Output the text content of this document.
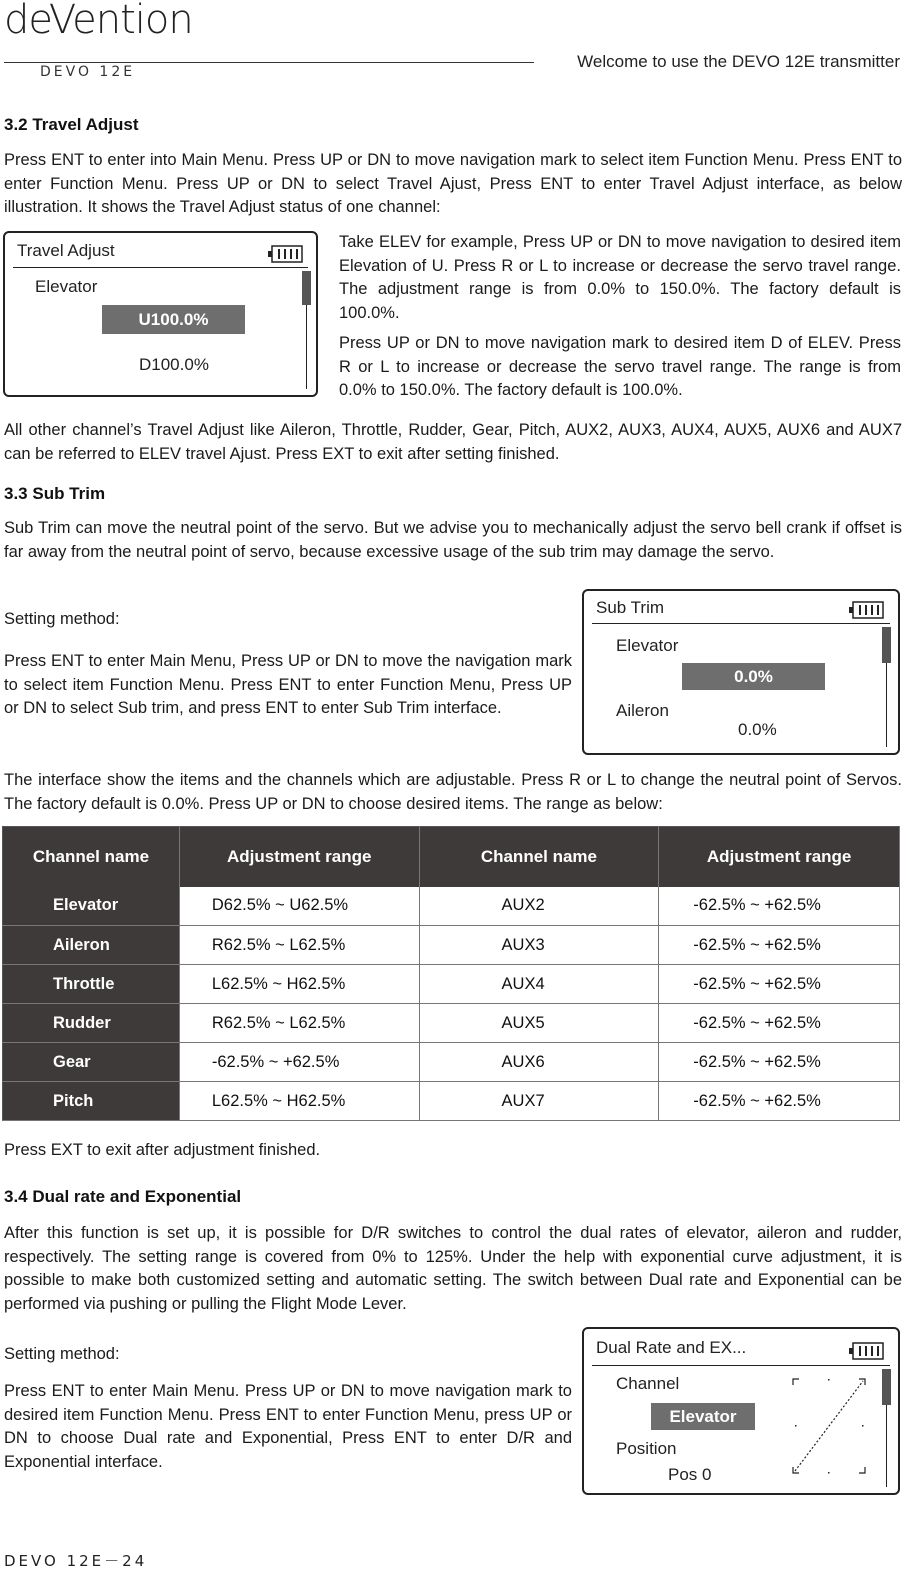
deVention
DEVO 12E
Welcome to use the DEVO 12E transmitter
3.2 Travel Adjust
Press ENT to enter into Main Menu. Press UP or DN to move navigation mark to select item Function Menu. Press ENT to enter Function Menu. Press UP or DN to select Travel Ajust, Press ENT to enter Travel Adjust interface, as below illustration. It shows the Travel Adjust status of one channel:
Travel Adjust
Elevator
U100.0%
D100.0%
Take ELEV for example, Press UP or DN to move navigation to desired item Elevation of U. Press R or L to increase or decrease the servo travel range. The adjustment range is from 0.0% to 150.0%. The factory default is 100.0%.
Press UP or DN to move navigation mark to desired item D of ELEV. Press R or L to increase or decrease the servo travel range. The range is from 0.0% to 150.0%. The factory default is 100.0%.
All other channel’s Travel Adjust like Aileron, Throttle, Rudder, Gear, Pitch, AUX2, AUX3, AUX4, AUX5, AUX6 and AUX7 can be referred to ELEV travel Ajust. Press EXT to exit after setting finished.
3.3 Sub Trim
Sub Trim can move the neutral point of the servo. But we advise you to mechanically adjust the servo bell crank if offset is far away from the neutral point of servo, because excessive usage of the sub trim may damage the servo.
Setting method:
Press ENT to enter Main Menu, Press UP or DN to move the navigation mark to select item Function Menu. Press ENT to enter Function Menu, Press UP or DN to select Sub trim, and press ENT to enter Sub Trim interface.
Sub Trim
Elevator
0.0%
Aileron
0.0%
The interface show the items and the channels which are adjustable. Press R or L to change the neutral point of Servos. The factory default is 0.0%. Press UP or DN to choose desired items. The range as below:
Channel name	Adjustment range	Channel name	Adjustment range
Elevator	D62.5% ~ U62.5%	AUX2	-62.5% ~ +62.5%
Aileron	R62.5% ~ L62.5%	AUX3	-62.5% ~ +62.5%
Throttle	L62.5% ~ H62.5%	AUX4	-62.5% ~ +62.5%
Rudder	R62.5% ~ L62.5%	AUX5	-62.5% ~ +62.5%
Gear	-62.5% ~ +62.5%	AUX6	-62.5% ~ +62.5%
Pitch	L62.5% ~ H62.5%	AUX7	-62.5% ~ +62.5%
Press EXT to exit after adjustment finished.
3.4 Dual rate and Exponential
After this function is set up, it is possible for D/R switches to control the dual rates of elevator, aileron and rudder, respectively. The setting range is covered from 0% to 125%. Under the help with exponential curve adjustment, it is possible to make both customized setting and automatic setting. The switch between Dual rate and Exponential can be performed via pushing or pulling the Flight Mode Lever.
Setting method:
Press ENT to enter Main Menu. Press UP or DN to move navigation mark to desired item Function Menu. Press ENT to enter Function Menu, press UP or DN to choose Dual rate and Exponential, Press ENT to enter D/R and Exponential interface.
Dual Rate and EX...
Channel
Elevator
Position
Pos 0
DEVO 12E－24
